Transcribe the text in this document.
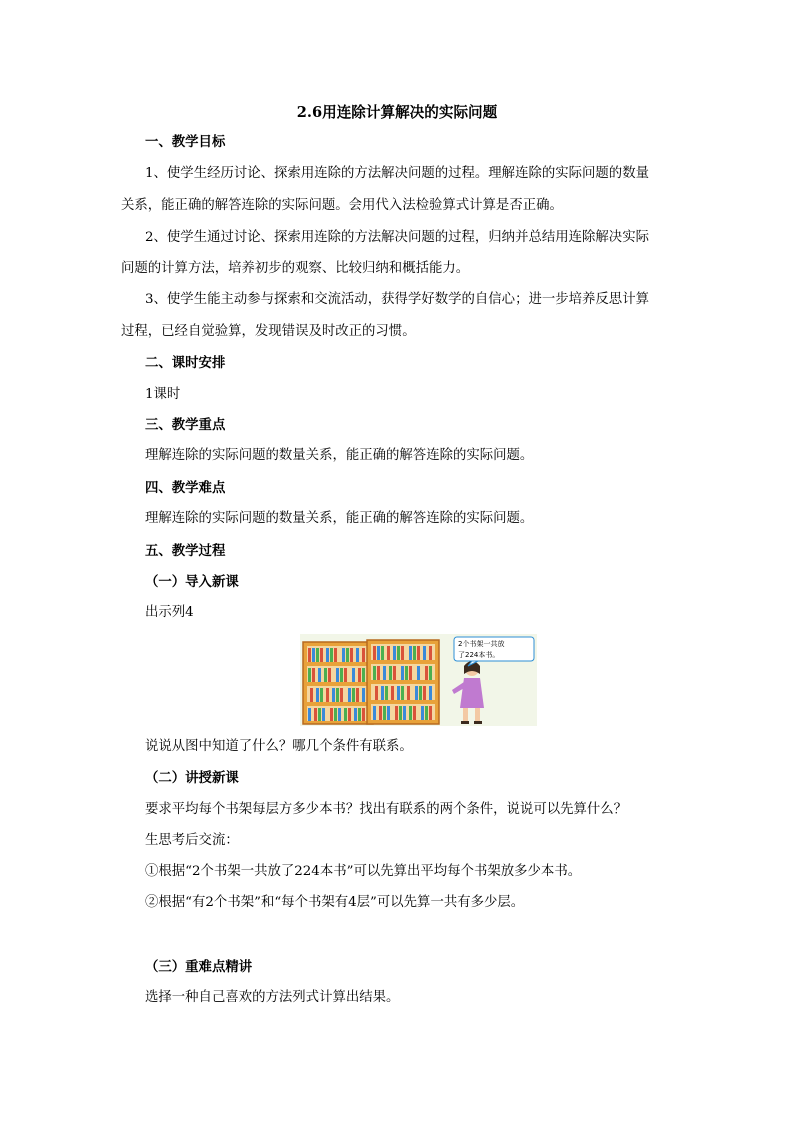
2.6用连除计算解决的实际问题
一、教学目标
1、使学生经历讨论、探索用连除的方法解决问题的过程。理解连除的实际问题的数量
关系，能正确的解答连除的实际问题。会用代入法检验算式计算是否正确。
2、使学生通过讨论、探索用连除的方法解决问题的过程，归纳并总结用连除解决实际
问题的计算方法，培养初步的观察、比较归纳和概括能力。
3、使学生能主动参与探索和交流活动，获得学好数学的自信心；进一步培养反思计算
过程，已经自觉验算，发现错误及时改正的习惯。
二、课时安排
1课时
三、教学重点
理解连除的实际问题的数量关系，能正确的解答连除的实际问题。
四、教学难点
理解连除的实际问题的数量关系，能正确的解答连除的实际问题。
五、教学过程
（一）导入新课
出示列4
2个书架一共放
了224本书。
说说从图中知道了什么？哪几个条件有联系。
（二）讲授新课
要求平均每个书架每层方多少本书？找出有联系的两个条件，说说可以先算什么？
生思考后交流：
①根据“2个书架一共放了224本书”可以先算出平均每个书架放多少本书。
②根据“有2个书架”和“每个书架有4层”可以先算一共有多少层。
（三）重难点精讲
选择一种自己喜欢的方法列式计算出结果。
